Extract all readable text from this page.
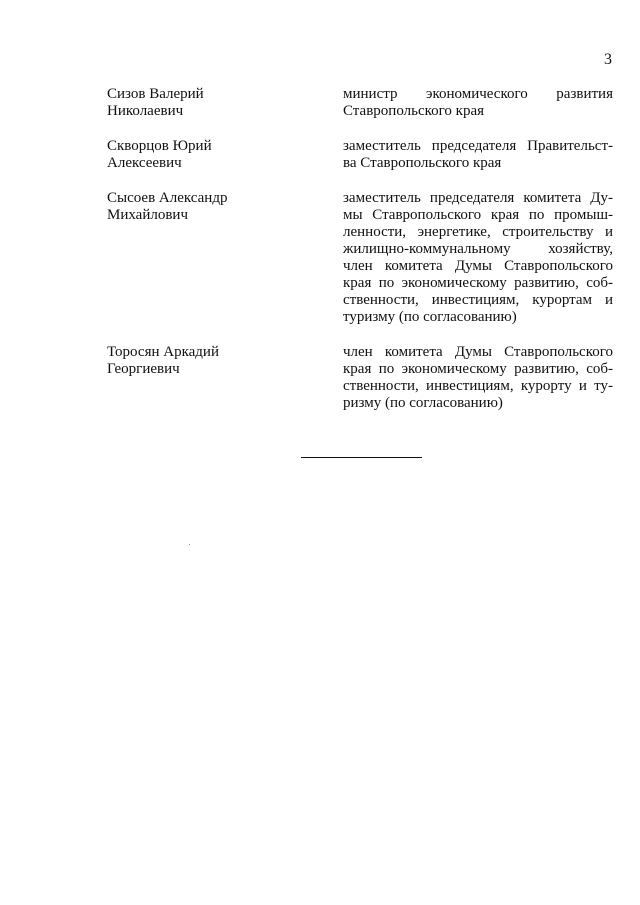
3
Сизов Валерий
Николаевич
министр экономического развития
Ставропольского края
Скворцов Юрий
Алексеевич
заместитель председателя Правительст-
ва Ставропольского края
Сысоев Александр
Михайлович
заместитель председателя комитета Ду-
мы Ставропольского края по промыш-
ленности, энергетике, строительству и
жилищно-коммунальному хозяйству,
член комитета Думы Ставропольского
края по экономическому развитию, соб-
ственности, инвестициям, курортам и
туризму (по согласованию)
Торосян Аркадий
Георгиевич
член комитета Думы Ставропольского
края по экономическому развитию, соб-
ственности, инвестициям, курорту и ту-
ризму (по согласованию)
